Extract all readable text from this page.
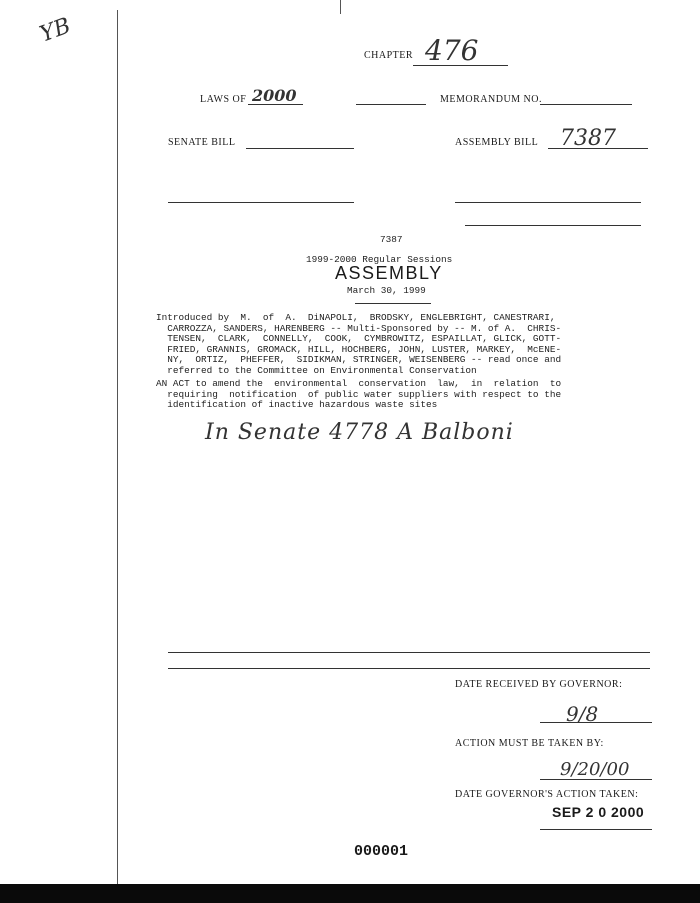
YB
CHAPTER 476
LAWS OF 2000	MEMORANDUM NO.
SENATE BILL	ASSEMBLY BILL 7387
7387
1999-2000 Regular Sessions
ASSEMBLY
March 30, 1999
Introduced by  M.  of  A.  DiNAPOLI,  BRODSKY, ENGLEBRIGHT, CANESTRARI,
CARROZZA, SANDERS, HARENBERG -- Multi-Sponsored by -- M. of A.  CHRIS-
TENSEN,  CLARK,  CONNELLY,  COOK,  CYMBROWITZ, ESPAILLAT, GLICK, GOTT-
FRIED, GRANNIS, GROMACK, HILL, HOCHBERG, JOHN, LUSTER, MARKEY,  McENE-
NY,  ORTIZ,  PHEFFER,  SIDIKMAN, STRINGER, WEISENBERG -- read once and
referred to the Committee on Environmental Conservation
AN ACT to amend the  environmental  conservation  law,  in  relation  to
requiring  notification  of public water suppliers with respect to the
identification of inactive hazardous waste sites
In Senate 4778 A Balboni
DATE RECEIVED BY GOVERNOR:
9/8
ACTION MUST BE TAKEN BY:
9/20/00
DATE GOVERNOR'S ACTION TAKEN:
SEP 2 0 2000
000001
